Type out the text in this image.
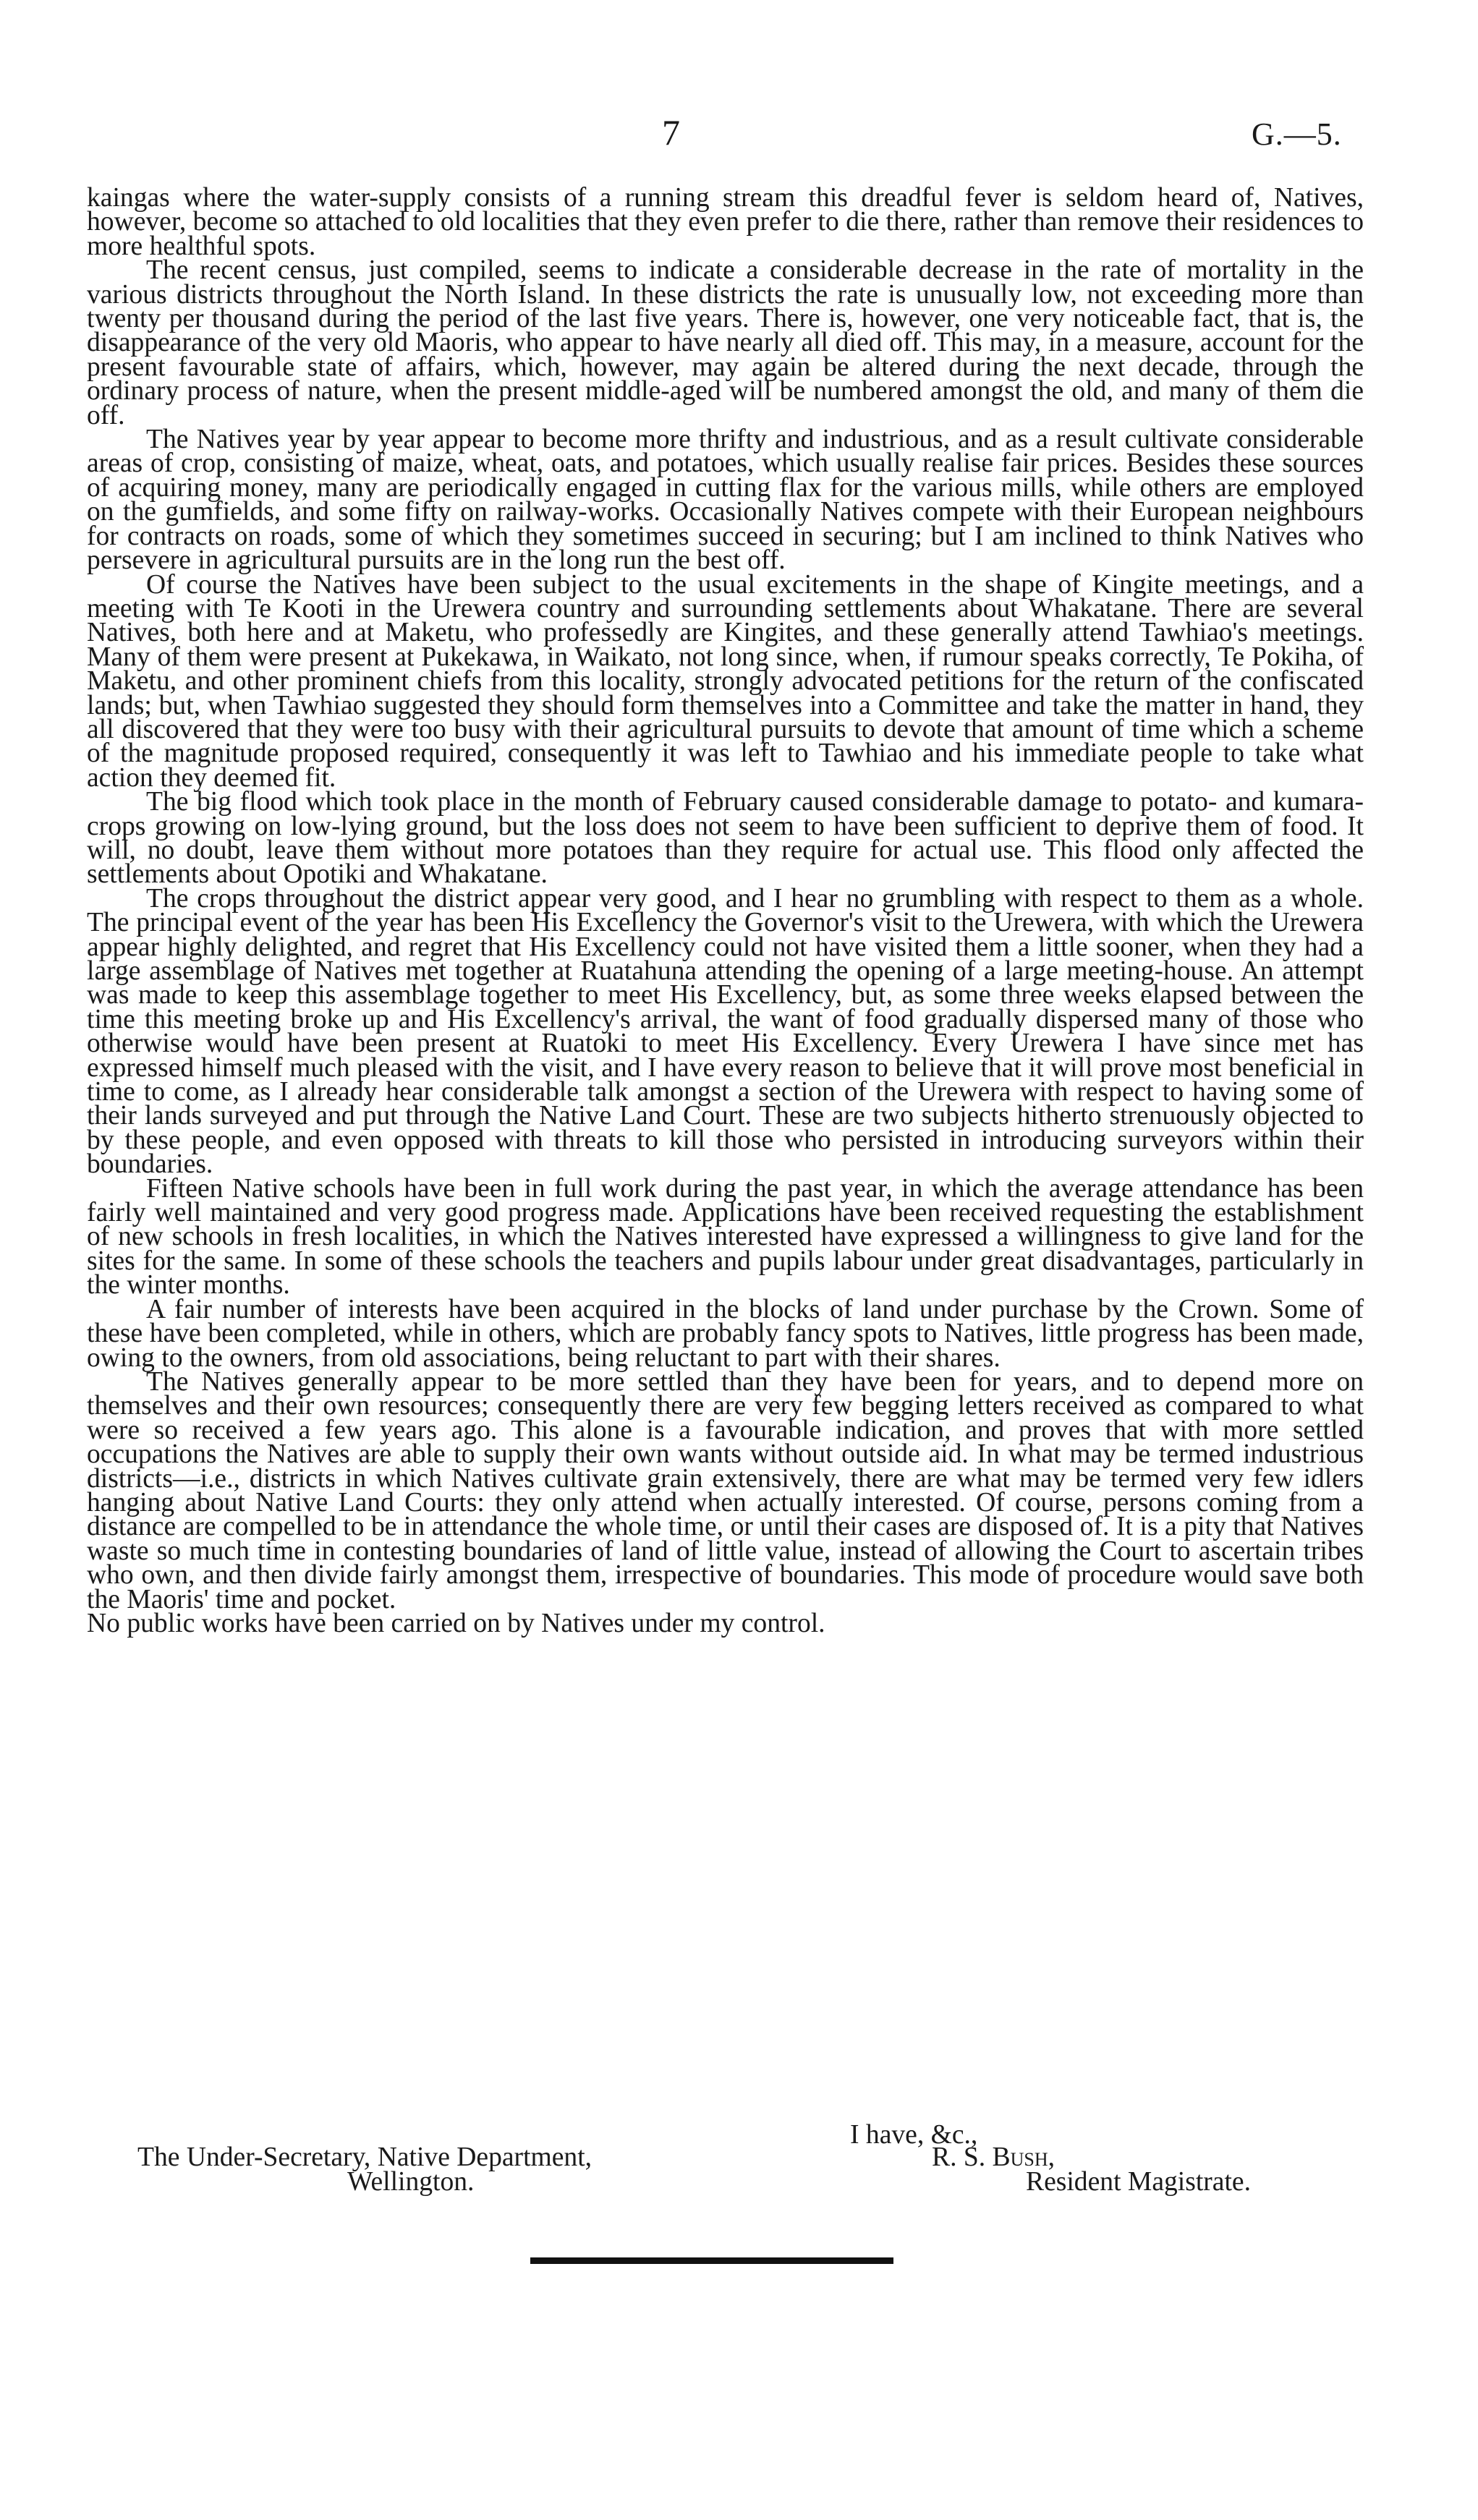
7	G.—5.

kaingas where the water-supply consists of a running stream this dreadful fever is seldom heard of, Natives, however, become so attached to old localities that they even prefer to die there, rather than remove their residences to more healthful spots.

The recent census, just compiled, seems to indicate a considerable decrease in the rate of mortality in the various districts throughout the North Island. In these districts the rate is unusually low, not exceeding more than twenty per thousand during the period of the last five years. There is, however, one very noticeable fact, that is, the disappearance of the very old Maoris, who appear to have nearly all died off. This may, in a measure, account for the present favourable state of affairs, which, however, may again be altered during the next decade, through the ordinary process of nature, when the present middle-aged will be numbered amongst the old, and many of them die off.

The Natives year by year appear to become more thrifty and industrious, and as a result cultivate considerable areas of crop, consisting of maize, wheat, oats, and potatoes, which usually realise fair prices. Besides these sources of acquiring money, many are periodically engaged in cutting flax for the various mills, while others are employed on the gumfields, and some fifty on railway-works. Occasionally Natives compete with their European neighbours for contracts on roads, some of which they sometimes succeed in securing; but I am inclined to think Natives who persevere in agricultural pursuits are in the long run the best off.

Of course the Natives have been subject to the usual excitements in the shape of Kingite meetings, and a meeting with Te Kooti in the Urewera country and surrounding settlements about Whakatane. There are several Natives, both here and at Maketu, who professedly are Kingites, and these generally attend Tawhiao's meetings. Many of them were present at Pukekawa, in Waikato, not long since, when, if rumour speaks correctly, Te Pokiha, of Maketu, and other prominent chiefs from this locality, strongly advocated petitions for the return of the confiscated lands; but, when Tawhiao suggested they should form themselves into a Committee and take the matter in hand, they all discovered that they were too busy with their agricultural pursuits to devote that amount of time which a scheme of the magnitude proposed required, consequently it was left to Tawhiao and his immediate people to take what action they deemed fit.

The big flood which took place in the month of February caused considerable damage to potato- and kumara-crops growing on low-lying ground, but the loss does not seem to have been sufficient to deprive them of food. It will, no doubt, leave them without more potatoes than they require for actual use. This flood only affected the settlements about Opotiki and Whakatane.

The crops throughout the district appear very good, and I hear no grumbling with respect to them as a whole. The principal event of the year has been His Excellency the Governor's visit to the Urewera, with which the Urewera appear highly delighted, and regret that His Excellency could not have visited them a little sooner, when they had a large assemblage of Natives met together at Ruatahuna attending the opening of a large meeting-house. An attempt was made to keep this assemblage together to meet His Excellency, but, as some three weeks elapsed between the time this meeting broke up and His Excellency's arrival, the want of food gradually dispersed many of those who otherwise would have been present at Ruatoki to meet His Excellency. Every Urewera I have since met has expressed himself much pleased with the visit, and I have every reason to believe that it will prove most beneficial in time to come, as I already hear considerable talk amongst a section of the Urewera with respect to having some of their lands surveyed and put through the Native Land Court. These are two subjects hitherto strenuously objected to by these people, and even opposed with threats to kill those who persisted in introducing surveyors within their boundaries.

Fifteen Native schools have been in full work during the past year, in which the average attendance has been fairly well maintained and very good progress made. Applications have been received requesting the establishment of new schools in fresh localities, in which the Natives interested have expressed a willingness to give land for the sites for the same. In some of these schools the teachers and pupils labour under great disadvantages, particularly in the winter months.

A fair number of interests have been acquired in the blocks of land under purchase by the Crown. Some of these have been completed, while in others, which are probably fancy spots to Natives, little progress has been made, owing to the owners, from old associations, being reluctant to part with their shares.

The Natives generally appear to be more settled than they have been for years, and to depend more on themselves and their own resources; consequently there are very few begging letters received as compared to what were so received a few years ago. This alone is a favourable indication, and proves that with more settled occupations the Natives are able to supply their own wants without outside aid. In what may be termed industrious districts—i.e., districts in which Natives cultivate grain extensively, there are what may be termed very few idlers hanging about Native Land Courts: they only attend when actually interested. Of course, persons coming from a distance are compelled to be in attendance the whole time, or until their cases are disposed of. It is a pity that Natives waste so much time in contesting boundaries of land of little value, instead of allowing the Court to ascertain tribes who own, and then divide fairly amongst them, irrespective of boundaries. This mode of procedure would save both the Maoris' time and pocket.

No public works have been carried on by Natives under my control.

I have, &c.,
The Under-Secretary, Native Department,
Wellington.
R. S. Bush,
Resident Magistrate.
